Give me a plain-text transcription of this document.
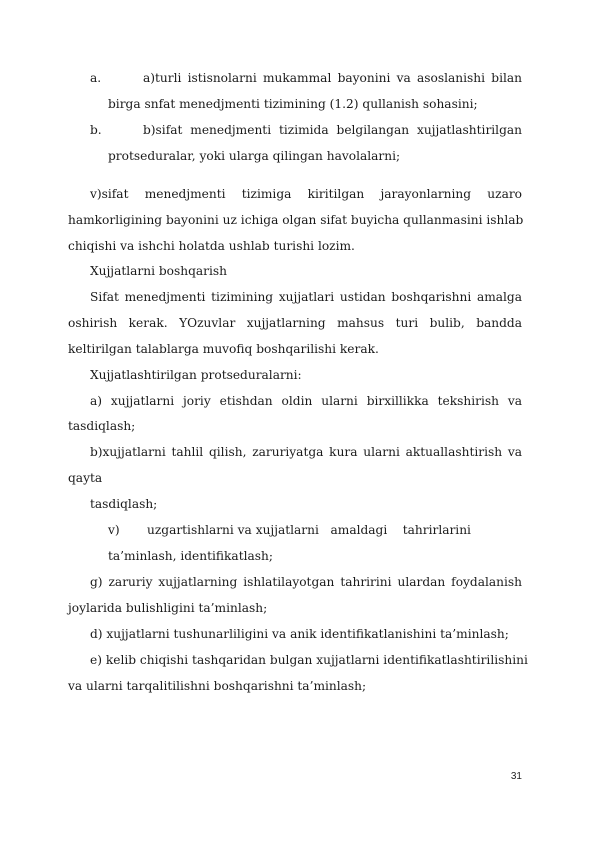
a.	a)turli istisnolarni mukammal bayonini va asoslanishi bilan
birga snfat menedjmenti tizimining (1.2) qullanish sohasini;
b.	b)sifat menedjmenti tizimida belgilangan xujjatlashtirilgan
protseduralar, yoki ularga qilingan havolalarni;
v)sifat menedjmenti tizimiga kiritilgan jarayonlarning uzaro
hamkorligining bayonini uz ichiga olgan sifat buyicha qullanmasini ishlab
chiqishi va ishchi holatda ushlab turishi lozim.
Xujjatlarni boshqarish
Sifat menedjmenti tizimining xujjatlari ustidan boshqarishni amalga
oshirish kerak. YOzuvlar xujjatlarning mahsus turi bulib, bandda
keltirilgan talablarga muvofiq boshqarilishi kerak.
Xujjatlashtirilgan protseduralarni:
a) xujjatlarni joriy etishdan oldin ularni birxillikka tekshirish va
tasdiqlash;
b)xujjatlarni tahlil qilish, zaruriyatga kura ularni aktuallashtirish va
qayta
tasdiqlash;
v) uzgartishlarni va xujjatlarni   amaldagi    tahrirlarini
ta’minlash, identifikatlash;
g) zaruriy xujjatlarning ishlatilayotgan tahririni ulardan foydalanish
joylarida bulishligini ta’minlash;
d) xujjatlarni tushunarliligini va anik identifikatlanishini ta’minlash;
e) kelib chiqishi tashqaridan bulgan xujjatlarni identifikatlashtirilishini
va ularni tarqalitilishni boshqarishni ta’minlash;
31
